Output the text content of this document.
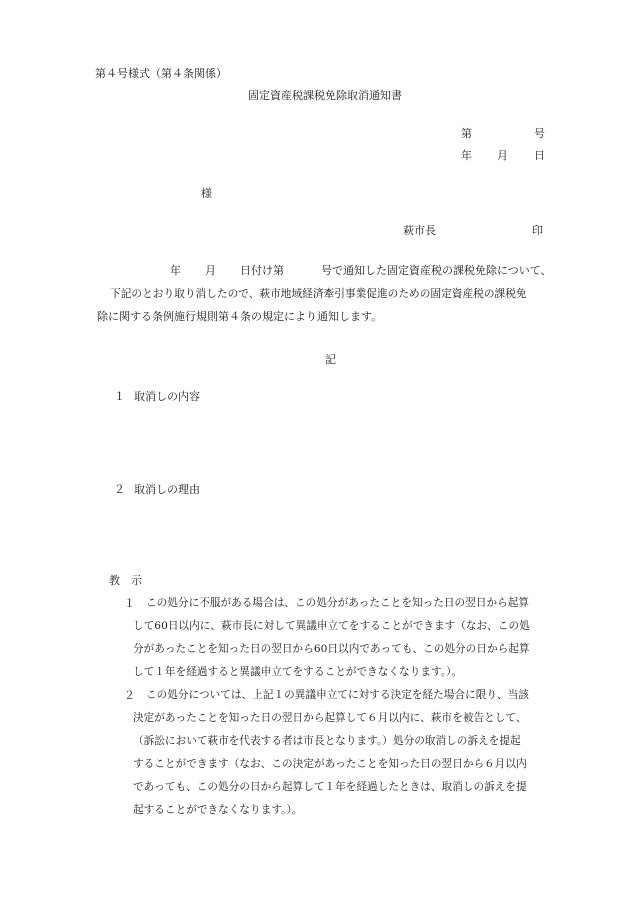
第４号様式（第４条関係）
固定資産税課税免除取消通知書
第	号
年 月 日
様
萩市長	印
年 月 日付け第	号で通知した固定資産税の課税免除について、
下記のとおり取り消したので、萩市地域経済牽引事業促進のための固定資産税の課税免
除に関する条例施行規則第４条の規定により通知します。
記
１ 取消しの内容
２ 取消しの理由
教　示
１ この処分に不服がある場合は、この処分があったことを知った日の翌日から起算
して60日以内に、萩市長に対して異議申立てをすることができます（なお、この処
分があったことを知った日の翌日から60日以内であっても、この処分の日から起算
して１年を経過すると異議申立てをすることができなくなります。）。
２ この処分については、上記１の異議申立てに対する決定を経た場合に限り、当該
決定があったことを知った日の翌日から起算して６月以内に、萩市を被告として、
（訴訟において萩市を代表する者は市長となります。）処分の取消しの訴えを提起
することができます（なお、この決定があったことを知った日の翌日から６月以内
であっても、この処分の日から起算して１年を経過したときは、取消しの訴えを提
起することができなくなります。）。
